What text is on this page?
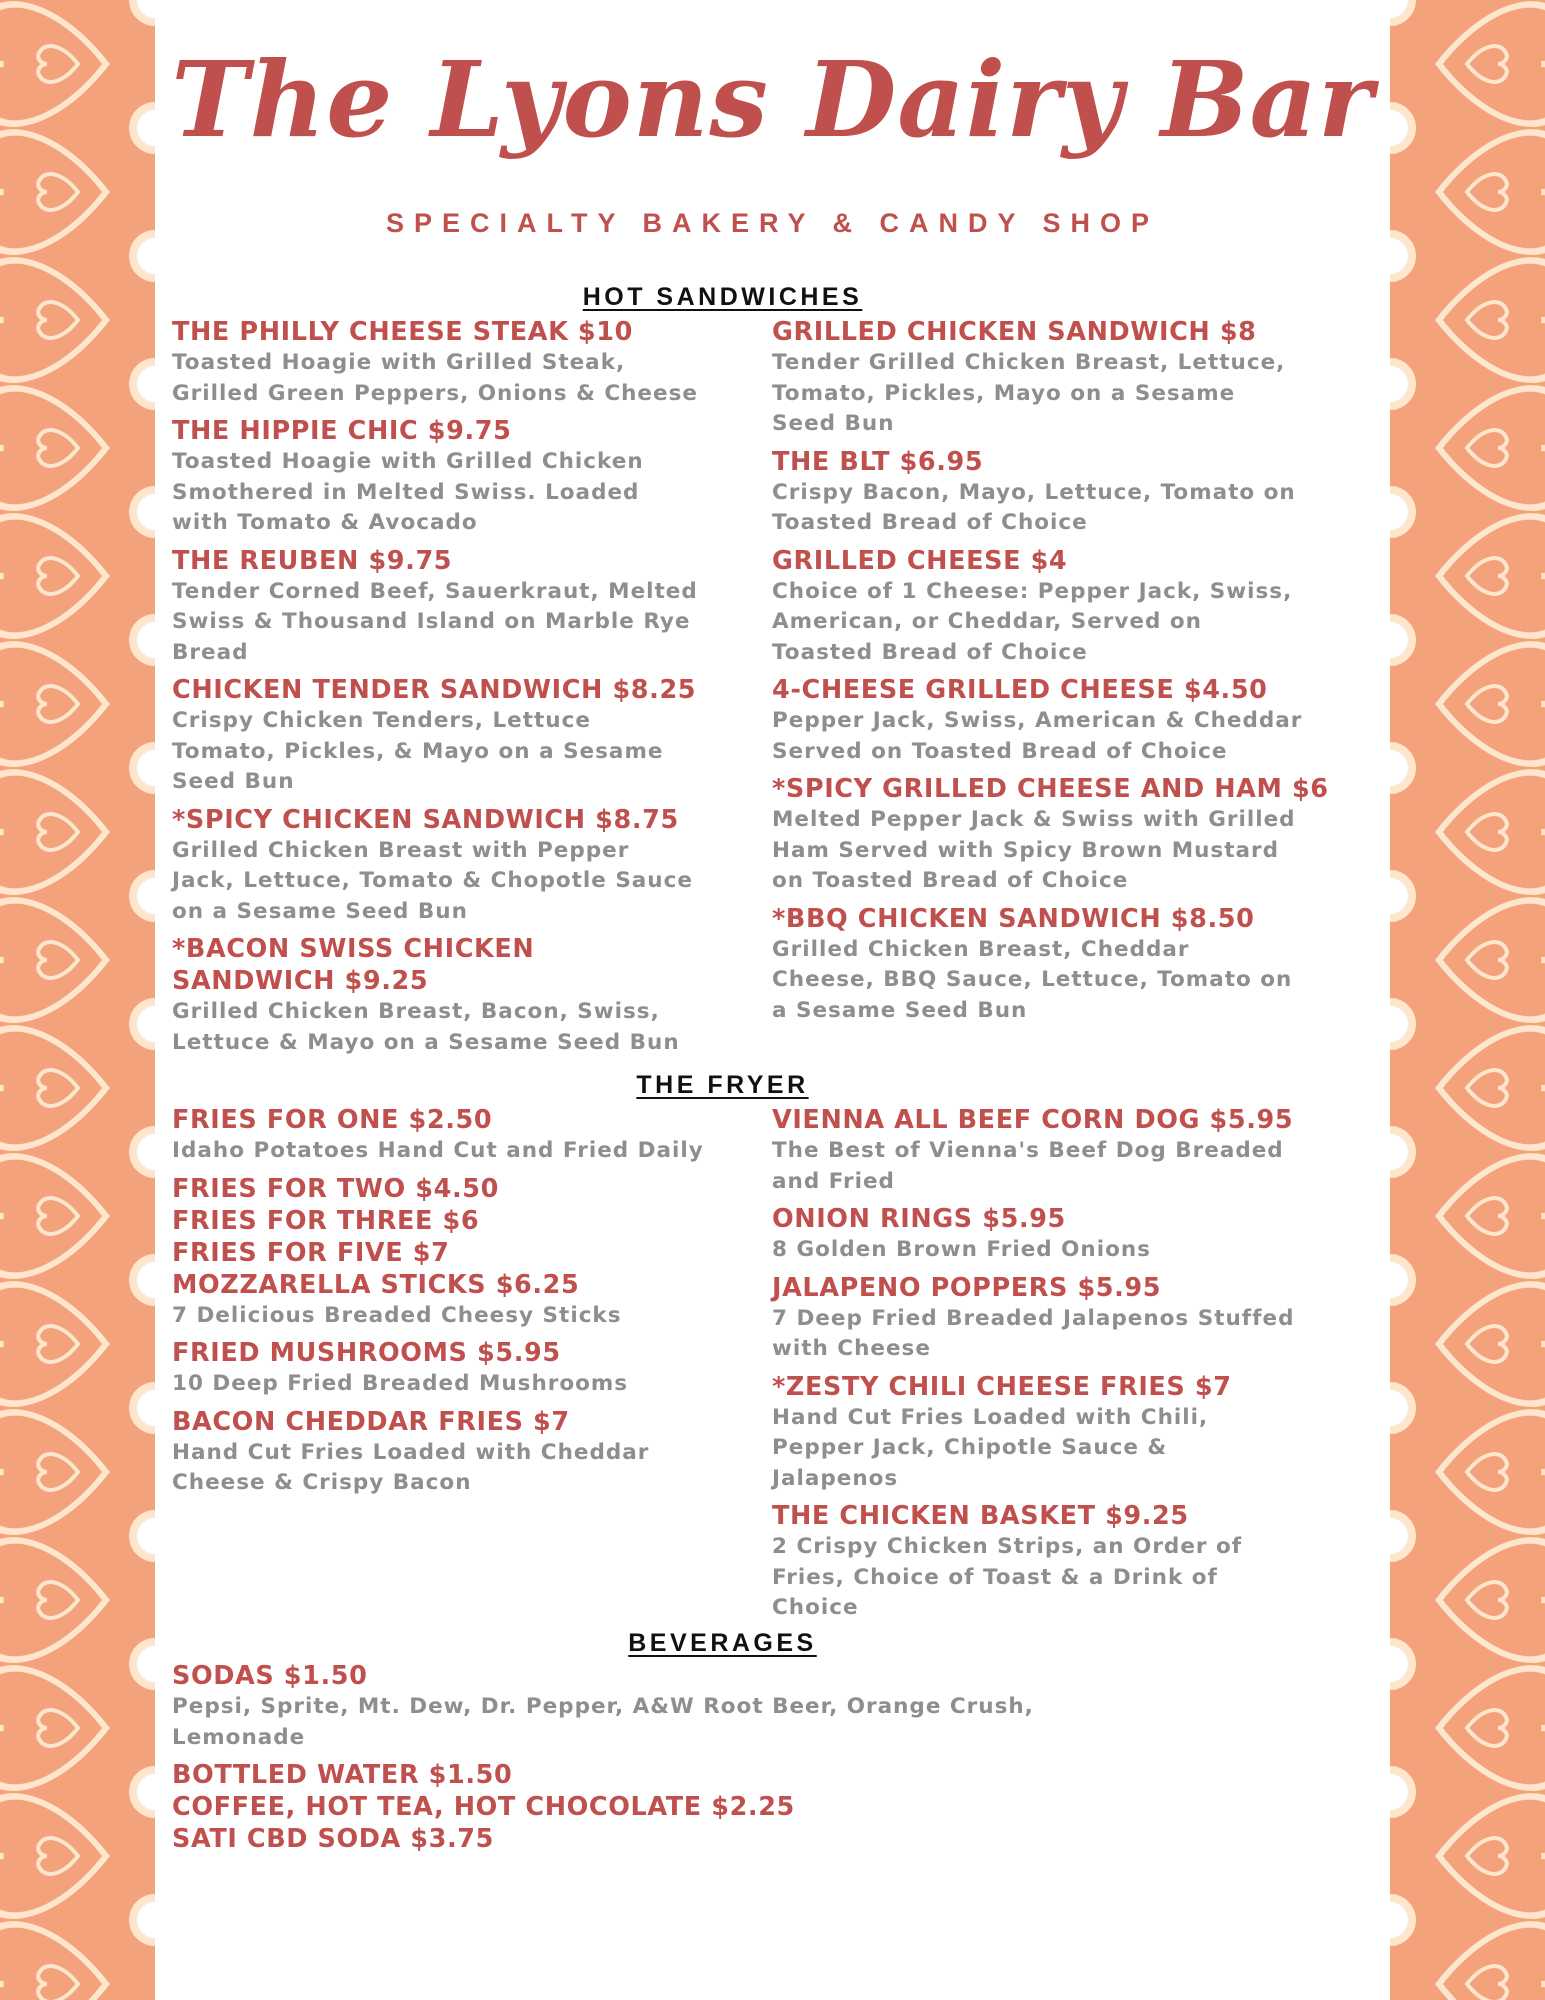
The Lyons Dairy Bar
SPECIALTY BAKERY & CANDY SHOP
HOT SANDWICHES
THE PHILLY CHEESE STEAK $10
Toasted Hoagie with Grilled Steak,
Grilled Green Peppers, Onions & Cheese
THE HIPPIE CHIC $9.75
Toasted Hoagie with Grilled Chicken
Smothered in Melted Swiss. Loaded
with Tomato & Avocado
THE REUBEN $9.75
Tender Corned Beef, Sauerkraut, Melted
Swiss & Thousand Island on Marble Rye
Bread
CHICKEN TENDER SANDWICH $8.25
Crispy Chicken Tenders, Lettuce
Tomato, Pickles, & Mayo on a Sesame
Seed Bun
*SPICY CHICKEN SANDWICH $8.75
Grilled Chicken Breast with Pepper
Jack, Lettuce, Tomato & Chopotle Sauce
on a Sesame Seed Bun
*BACON SWISS CHICKEN
SANDWICH $9.25
Grilled Chicken Breast, Bacon, Swiss,
Lettuce & Mayo on a Sesame Seed Bun
GRILLED CHICKEN SANDWICH $8
Tender Grilled Chicken Breast, Lettuce,
Tomato, Pickles, Mayo on a Sesame
Seed Bun
THE BLT $6.95
Crispy Bacon, Mayo, Lettuce, Tomato on
Toasted Bread of Choice
GRILLED CHEESE $4
Choice of 1 Cheese: Pepper Jack, Swiss,
American, or Cheddar, Served on
Toasted Bread of Choice
4-CHEESE GRILLED CHEESE $4.50
Pepper Jack, Swiss, American & Cheddar
Served on Toasted Bread of Choice
*SPICY GRILLED CHEESE AND HAM $6
Melted Pepper Jack & Swiss with Grilled
Ham Served with Spicy Brown Mustard
on Toasted Bread of Choice
*BBQ CHICKEN SANDWICH $8.50
Grilled Chicken Breast, Cheddar
Cheese, BBQ Sauce, Lettuce, Tomato on
a Sesame Seed Bun
THE FRYER
FRIES FOR ONE $2.50
Idaho Potatoes Hand Cut and Fried Daily
FRIES FOR TWO $4.50
FRIES FOR THREE $6
FRIES FOR FIVE $7
MOZZARELLA STICKS $6.25
7 Delicious Breaded Cheesy Sticks
FRIED MUSHROOMS $5.95
10 Deep Fried Breaded Mushrooms
BACON CHEDDAR FRIES $7
Hand Cut Fries Loaded with Cheddar
Cheese & Crispy Bacon
VIENNA ALL BEEF CORN DOG $5.95
The Best of Vienna's Beef Dog Breaded
and Fried
ONION RINGS $5.95
8 Golden Brown Fried Onions
JALAPENO POPPERS $5.95
7 Deep Fried Breaded Jalapenos Stuffed
with Cheese
*ZESTY CHILI CHEESE FRIES $7
Hand Cut Fries Loaded with Chili,
Pepper Jack, Chipotle Sauce &
Jalapenos
THE CHICKEN BASKET $9.25
2 Crispy Chicken Strips, an Order of
Fries, Choice of Toast & a Drink of
Choice
BEVERAGES
SODAS $1.50
Pepsi, Sprite, Mt. Dew, Dr. Pepper, A&W Root Beer, Orange Crush,
Lemonade
BOTTLED WATER $1.50
COFFEE, HOT TEA, HOT CHOCOLATE $2.25
SATI CBD SODA $3.75
